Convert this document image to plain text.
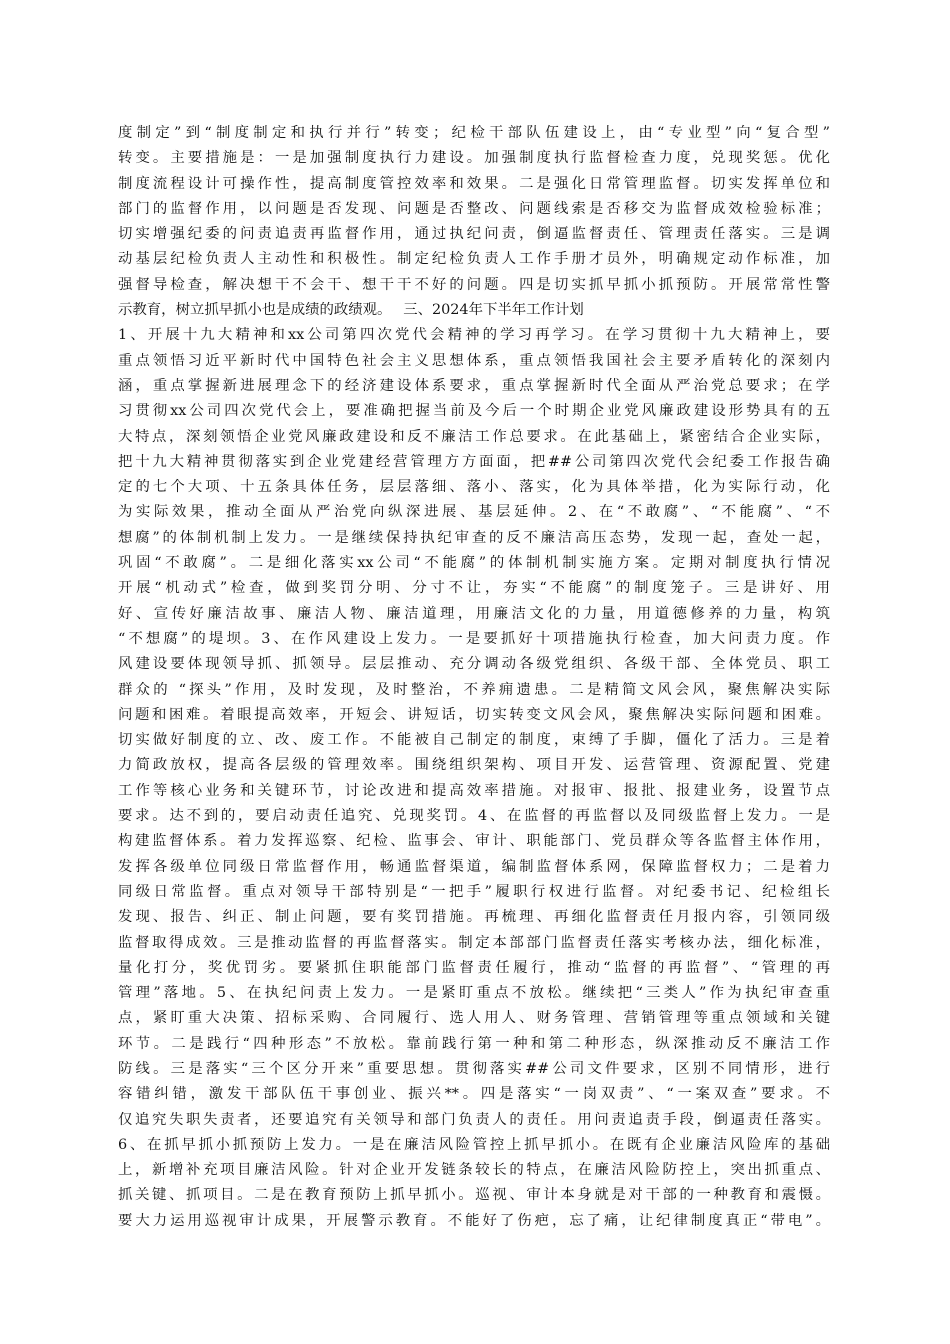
度制定”到“制度制定和执行并行”转变；纪检干部队伍建设上，由“专业型”向“复合型”
转变。主要措施是：一是加强制度执行力建设。加强制度执行监督检查力度，兑现奖惩。优化
制度流程设计可操作性，提高制度管控效率和效果。二是强化日常管理监督。切实发挥单位和
部门的监督作用，以问题是否发现、问题是否整改、问题线索是否移交为监督成效检验标准；
切实增强纪委的问责追责再监督作用，通过执纪问责，倒逼监督责任、管理责任落实。三是调
动基层纪检负责人主动性和积极性。制定纪检负责人工作手册才员外，明确规定动作标准，加
强督导检查，解决想干不会干、想干干不好的问题。四是切实抓早抓小抓预防。开展常常性警
示教育，树立抓早抓小也是成绩的政绩观。　 三、2024年下半年工作计划
1、开展十九大精神和xx公司第四次党代会精神的学习再学习。在学习贯彻十九大精神上，要
重点领悟习近平新时代中国特色社会主义思想体系，重点领悟我国社会主要矛盾转化的深刻内
涵，重点掌握新进展理念下的经济建设体系要求，重点掌握新时代全面从严治党总要求；在学
习贯彻xx公司四次党代会上，要准确把握当前及今后一个时期企业党风廉政建设形势具有的五
大特点，深刻领悟企业党风廉政建设和反不廉洁工作总要求。在此基础上，紧密结合企业实际，
把十九大精神贯彻落实到企业党建经营管理方方面面，把##公司第四次党代会纪委工作报告确
定的七个大项、十五条具体任务，层层落细、落小、落实，化为具体举措，化为实际行动，化
为实际效果，推动全面从严治党向纵深进展、基层延伸。2、在“不敢腐”、“不能腐”、“不
想腐”的体制机制上发力。一是继续保持执纪审查的反不廉洁高压态势，发现一起，查处一起，
巩固“不敢腐”。二是细化落实xx公司“不能腐”的体制机制实施方案。定期对制度执行情况
开展“机动式”检查，做到奖罚分明、分寸不让，夯实“不能腐”的制度笼子。三是讲好、用
好、宣传好廉洁故事、廉洁人物、廉洁道理，用廉洁文化的力量，用道德修养的力量，构筑
“不想腐”的堤坝。3、在作风建设上发力。一是要抓好十项措施执行检查，加大问责力度。作
风建设要体现领导抓、抓领导。层层推动、充分调动各级党组织、各级干部、全体党员、职工
群众的 “探头”作用，及时发现，及时整治，不养痈遗患。二是精简文风会风，聚焦解决实际
问题和困难。着眼提高效率，开短会、讲短话，切实转变文风会风，聚焦解决实际问题和困难。
切实做好制度的立、改、废工作。不能被自己制定的制度，束缚了手脚，僵化了活力。三是着
力简政放权，提高各层级的管理效率。围绕组织架构、项目开发、运营管理、资源配置、党建
工作等核心业务和关键环节，讨论改进和提高效率措施。对报审、报批、报建业务，设置节点
要求。达不到的，要启动责任追究、兑现奖罚。4、在监督的再监督以及同级监督上发力。一是
构建监督体系。着力发挥巡察、纪检、监事会、审计、职能部门、党员群众等各监督主体作用，
发挥各级单位同级日常监督作用，畅通监督渠道，编制监督体系网，保障监督权力；二是着力
同级日常监督。重点对领导干部特别是“一把手”履职行权进行监督。对纪委书记、纪检组长
发现、报告、纠正、制止问题，要有奖罚措施。再梳理、再细化监督责任月报内容，引领同级
监督取得成效。三是推动监督的再监督落实。制定本部部门监督责任落实考核办法，细化标准，
量化打分，奖优罚劣。要紧抓住职能部门监督责任履行，推动“监督的再监督”、“管理的再
管理”落地。5、在执纪问责上发力。一是紧盯重点不放松。继续把“三类人”作为执纪审查重
点，紧盯重大决策、招标采购、合同履行、选人用人、财务管理、营销管理等重点领域和关键
环节。二是践行“四种形态”不放松。靠前践行第一种和第二种形态，纵深推动反不廉洁工作
防线。三是落实“三个区分开来”重要思想。贯彻落实##公司文件要求，区别不同情形，进行
容错纠错，激发干部队伍干事创业、振兴**。四是落实“一岗双责”、“一案双查”要求。不
仅追究失职失责者，还要追究有关领导和部门负责人的责任。用问责追责手段，倒逼责任落实。
6、在抓早抓小抓预防上发力。一是在廉洁风险管控上抓早抓小。在既有企业廉洁风险库的基础
上，新增补充项目廉洁风险。针对企业开发链条较长的特点，在廉洁风险防控上，突出抓重点、
抓关键、抓项目。二是在教育预防上抓早抓小。巡视、审计本身就是对干部的一种教育和震慑。
要大力运用巡视审计成果，开展警示教育。不能好了伤疤，忘了痛，让纪律制度真正“带电”。
